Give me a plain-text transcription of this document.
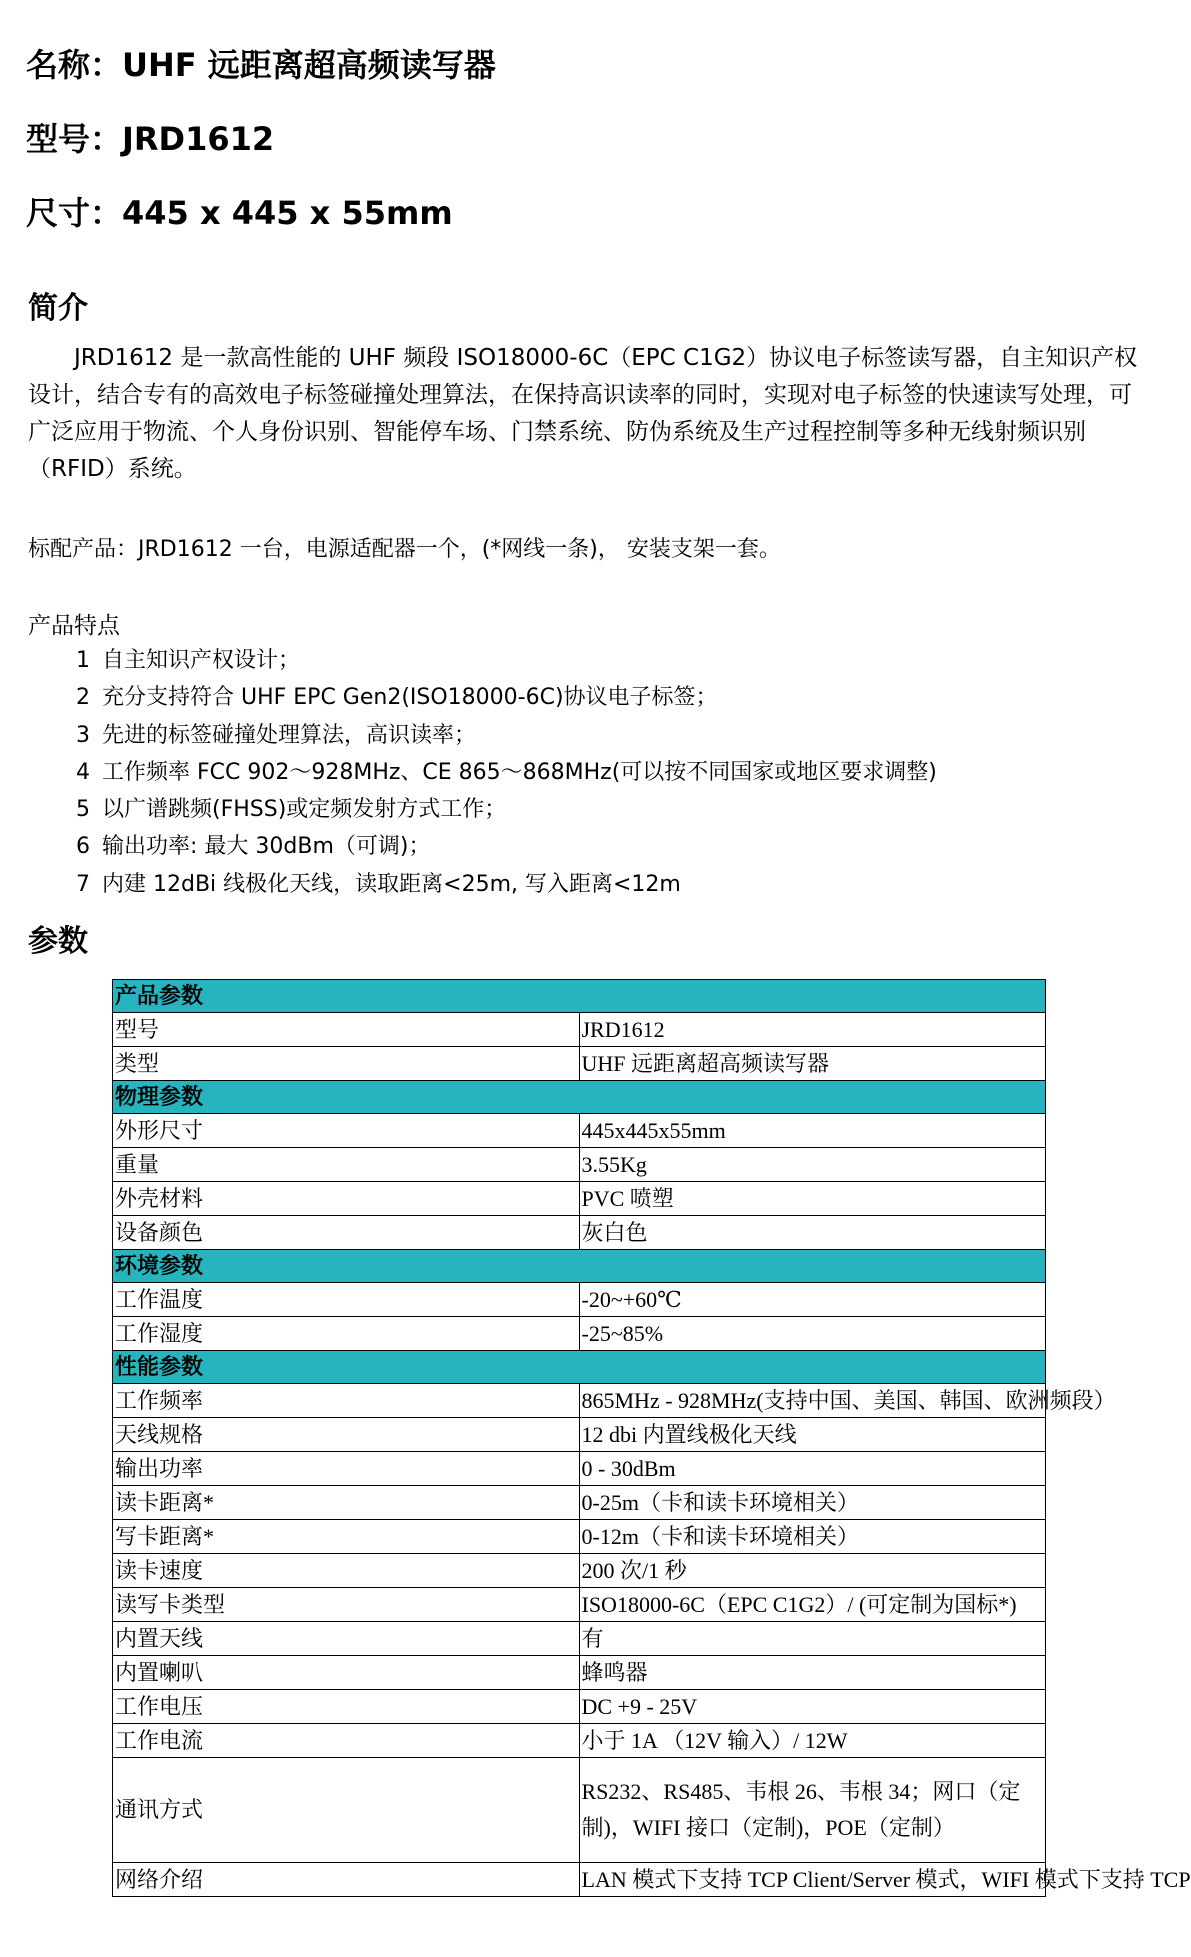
名称：UHF 远距离超高频读写器
型号：JRD1612
尺寸：445 x 445 x 55mm
简介

JRD1612 是一款高性能的 UHF 频段 ISO18000-6C（EPC C1G2）协议电子标签读写器，自主知识产权设计，结合专有的高效电子标签碰撞处理算法，在保持高识读率的同时，实现对电子标签的快速读写处理，可广泛应用于物流、个人身份识别、智能停车场、门禁系统、防伪系统及生产过程控制等多种无线射频识别（RFID）系统。

标配产品：JRD1612 一台，电源适配器一个，(*网线一条)， 安装支架一套。

产品特点

1 自主知识产权设计；
2 充分支持符合 UHF EPC Gen2(ISO18000-6C)协议电子标签；
3 先进的标签碰撞处理算法，高识读率；
4 工作频率 FCC 902～928MHz、CE 865～868MHz(可以按不同国家或地区要求调整)
5 以广谱跳频(FHSS)或定频发射方式工作；
6 输出功率: 最大 30dBm（可调)；
7 内建 12dBi 线极化天线，读取距离<25m, 写入距离<12m
参数
产品参数	
型号	JRD1612
类型	UHF 远距离超高频读写器
物理参数	
外形尺寸	445x445x55mm
重量	3.55Kg
外壳材料	PVC 喷塑
设备颜色	灰白色
环境参数	
工作温度	-20~+60℃
工作湿度	-25~85%
性能参数	
工作频率	865MHz - 928MHz(支持中国、美国、韩国、欧洲频段）
天线规格	12 dbi 内置线极化天线
输出功率	0 - 30dBm
读卡距离*	0-25m（卡和读卡环境相关）
写卡距离*	0-12m（卡和读卡环境相关）
读卡速度	200 次/1 秒
读写卡类型	ISO18000-6C（EPC C1G2）/ (可定制为国标*)
内置天线	有
内置喇叭	蜂鸣器
工作电压	DC +9 - 25V
工作电流	小于 1A （12V 输入）/ 12W
通讯方式	RS232、RS485、韦根 26、韦根 34；网口（定制)，WIFI 接口（定制)，POE（定制）
网络介绍	LAN 模式下支持 TCP Client/Server 模式，WIFI 模式下支持 TCP
